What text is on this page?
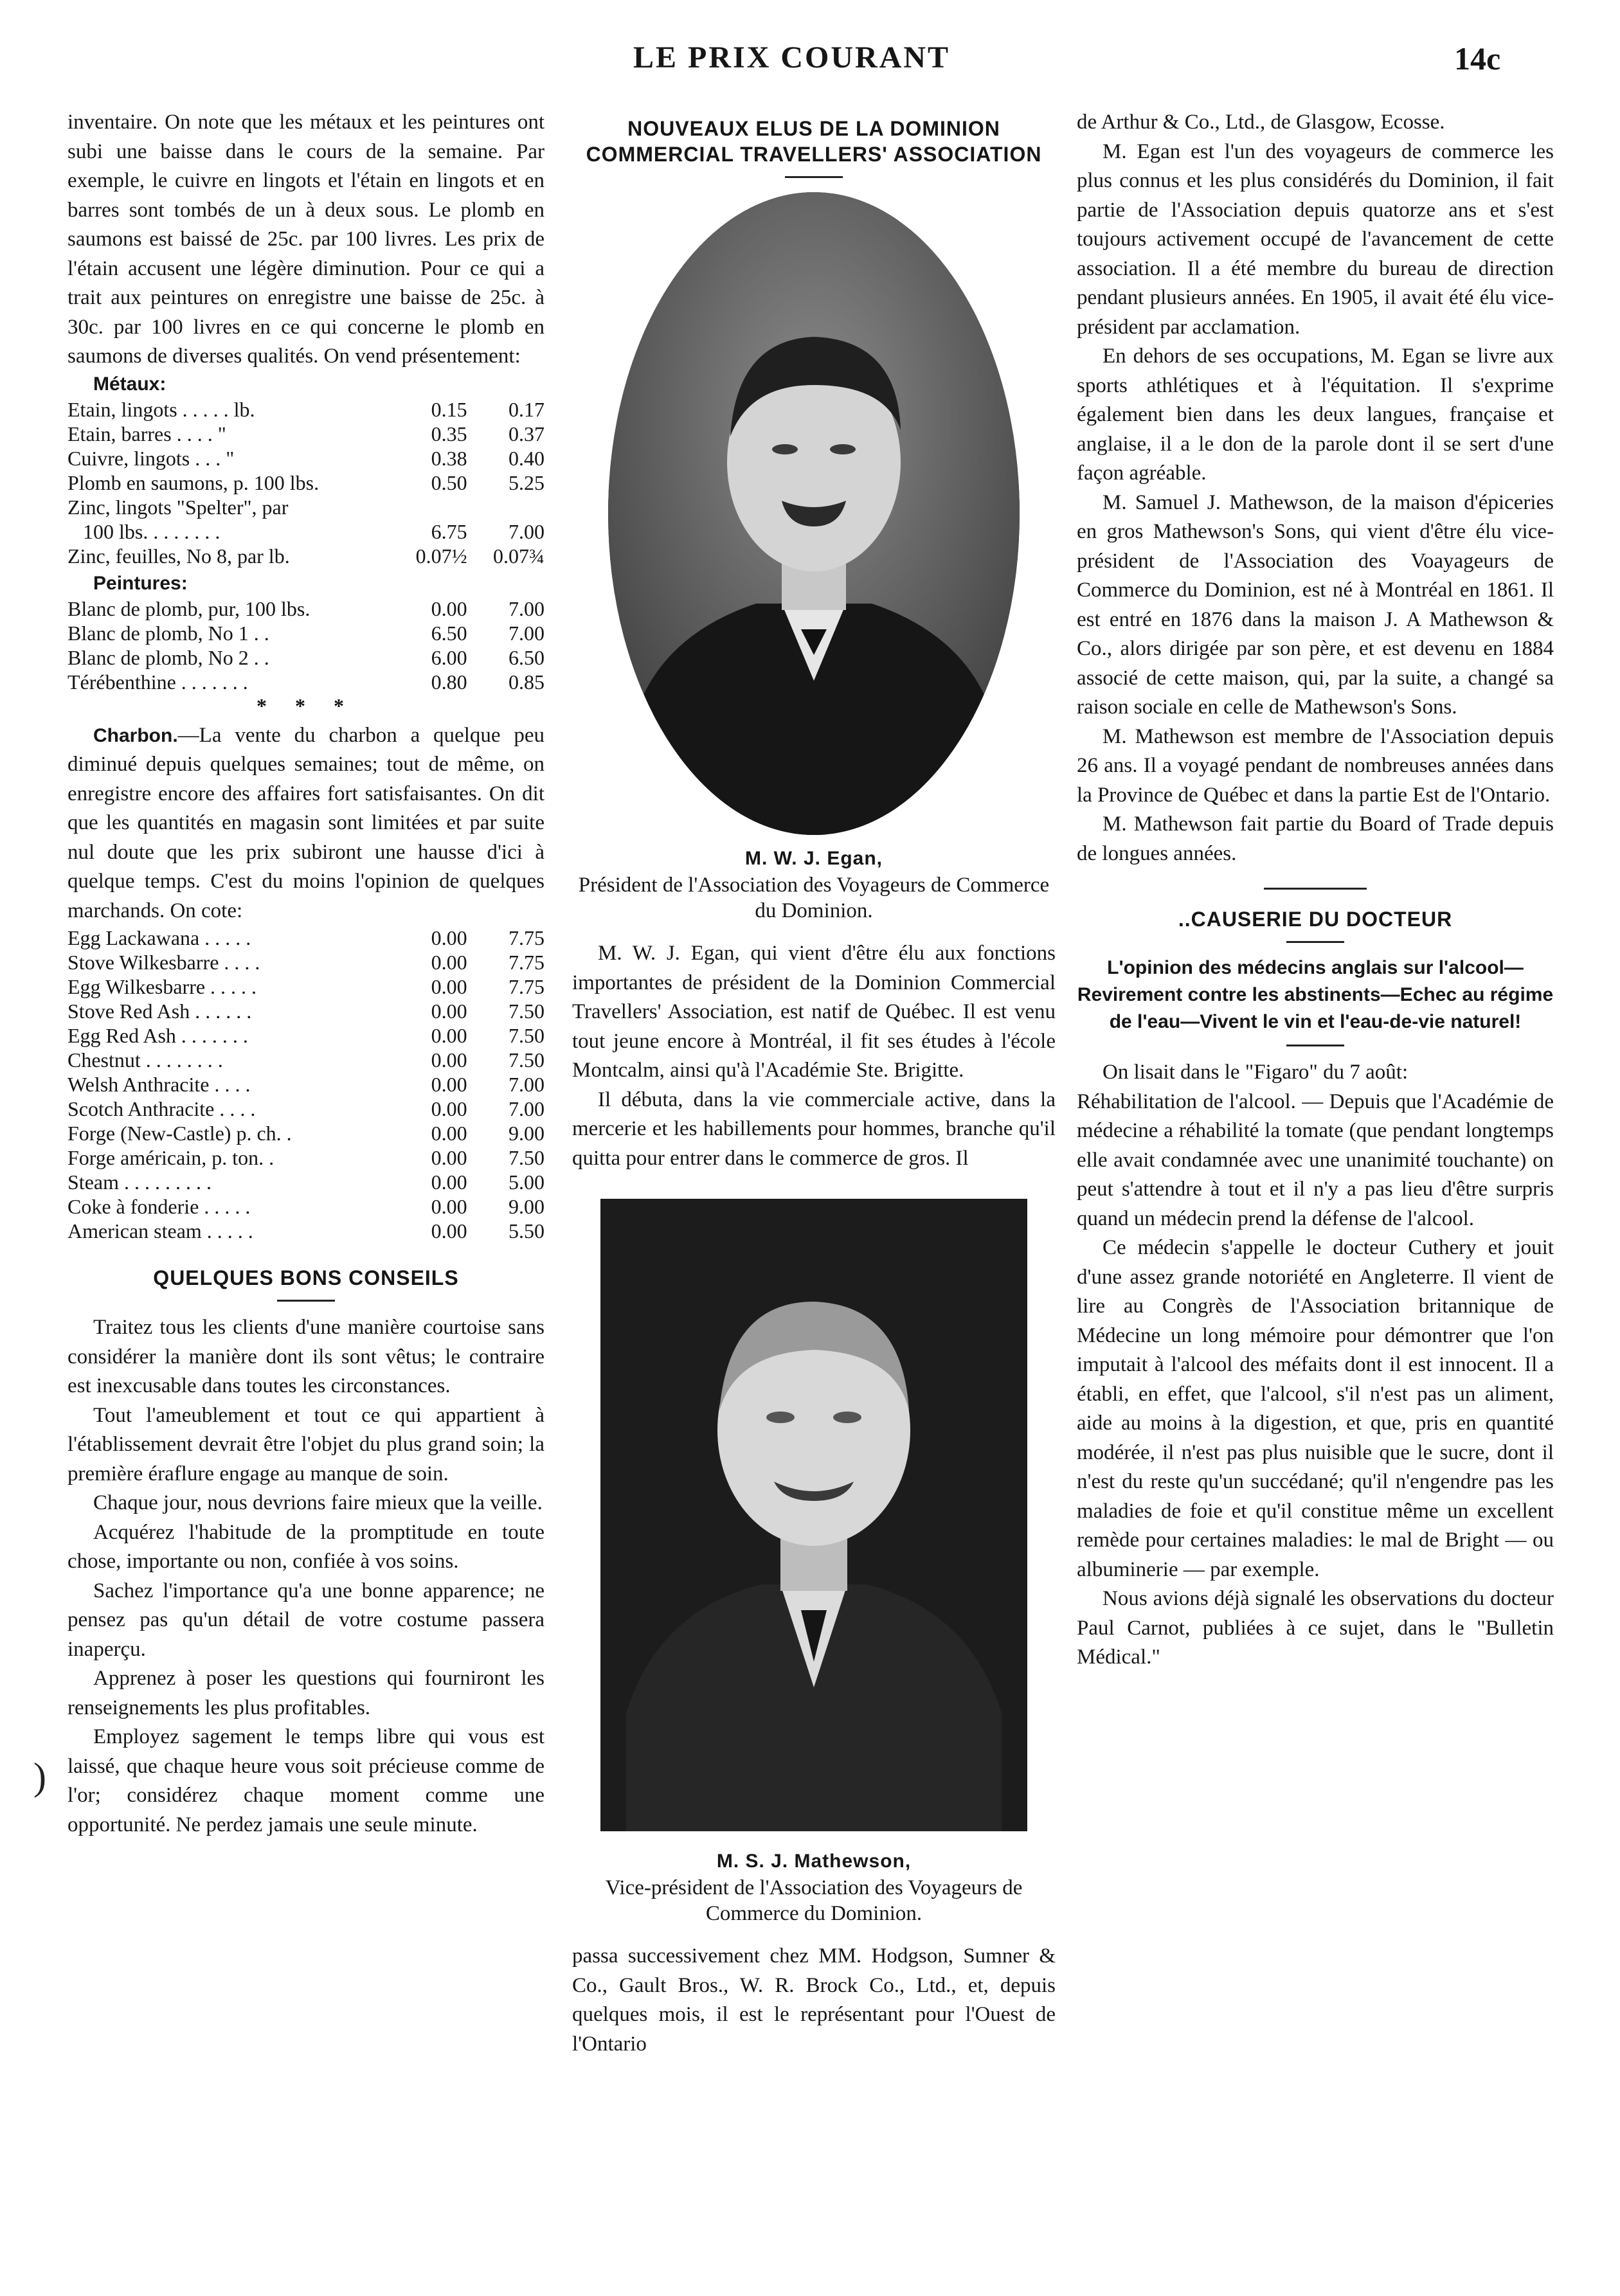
LE PRIX COURANT	14c

inventaire. On note que les métaux et les peintures ont subi une baisse dans le cours de la semaine. Par exemple, le cuivre en lingots et l'étain en lingots et en barres sont tombés de un à deux sous. Le plomb en saumons est baissé de 25c. par 100 livres. Les prix de l'étain accusent une légère diminution. Pour ce qui a trait aux peintures on enregistre une baisse de 25c. à 30c. par 100 livres en ce qui concerne le plomb en saumons de diverses qualités. On vend présentement:

Métaux:
Etain, lingots . . . . . lb.	0.15	0.17
Etain, barres . . . . "	0.35	0.37
Cuivre, lingots . . . "	0.38	0.40
Plomb en saumons, p. 100 lbs.	0.50	5.25
Zinc, lingots "Spelter", par		
100 lbs. . . . . . . .	6.75	7.00
Zinc, feuilles, No 8, par lb.	0.07½	0.07¾
Peintures:
Blanc de plomb, pur, 100 lbs.	0.00	7.00
Blanc de plomb, No 1 . .	6.50	7.00
Blanc de plomb, No 2 . .	6.00	6.50
Térébenthine . . . . . . .	0.80	0.85
* * *

Charbon.—La vente du charbon a quelque peu diminué depuis quelques semaines; tout de même, on enregistre encore des affaires fort satisfaisantes. On dit que les quantités en magasin sont limitées et par suite nul doute que les prix subiront une hausse d'ici à quelque temps. C'est du moins l'opinion de quelques marchands. On cote:

Egg Lackawana . . . . .	0.00	7.75
Stove Wilkesbarre . . . .	0.00	7.75
Egg Wilkesbarre . . . . .	0.00	7.75
Stove Red Ash . . . . . .	0.00	7.50
Egg Red Ash . . . . . . .	0.00	7.50
Chestnut . . . . . . . .	0.00	7.50
Welsh Anthracite . . . .	0.00	7.00
Scotch Anthracite . . . .	0.00	7.00
Forge (New-Castle) p. ch. .	0.00	9.00
Forge américain, p. ton. .	0.00	7.50
Steam . . . . . . . . .	0.00	5.00
Coke à fonderie . . . . .	0.00	9.00
American steam . . . . .	0.00	5.50
QUELQUES BONS CONSEILS

Traitez tous les clients d'une manière courtoise sans considérer la manière dont ils sont vêtus; le contraire est inexcusable dans toutes les circonstances.

Tout l'ameublement et tout ce qui appartient à l'établissement devrait être l'objet du plus grand soin; la première éraflure engage au manque de soin.

Chaque jour, nous devrions faire mieux que la veille.

Acquérez l'habitude de la promptitude en toute chose, importante ou non, confiée à vos soins.

Sachez l'importance qu'a une bonne apparence; ne pensez pas qu'un détail de votre costume passera inaperçu.

Apprenez à poser les questions qui fourniront les renseignements les plus profitables.

Employez sagement le temps libre qui vous est laissé, que chaque heure vous soit précieuse comme de l'or; considérez chaque moment comme une opportunité. Ne perdez jamais une seule minute.

NOUVEAUX ELUS DE LA DOMINION COMMERCIAL TRAVELLERS' ASSOCIATION
M. W. J. Egan,
Président de l'Association des Voyageurs de Commerce du Dominion.

M. W. J. Egan, qui vient d'être élu aux fonctions importantes de président de la Dominion Commercial Travellers' Association, est natif de Québec. Il est venu tout jeune encore à Montréal, il fit ses études à l'école Montcalm, ainsi qu'à l'Académie Ste. Brigitte.

Il débuta, dans la vie commerciale active, dans la mercerie et les habillements pour hommes, branche qu'il quitta pour entrer dans le commerce de gros. Il

M. S. J. Mathewson,
Vice-président de l'Association des Voyageurs de Commerce du Dominion.

passa successivement chez MM. Hodgson, Sumner & Co., Gault Bros., W. R. Brock Co., Ltd., et, depuis quelques mois, il est le représentant pour l'Ouest de l'Ontario

de Arthur & Co., Ltd., de Glasgow, Ecosse.

M. Egan est l'un des voyageurs de commerce les plus connus et les plus considérés du Dominion, il fait partie de l'Association depuis quatorze ans et s'est toujours activement occupé de l'avancement de cette association. Il a été membre du bureau de direction pendant plusieurs années. En 1905, il avait été élu vice-président par acclamation.

En dehors de ses occupations, M. Egan se livre aux sports athlétiques et à l'équitation. Il s'exprime également bien dans les deux langues, française et anglaise, il a le don de la parole dont il se sert d'une façon agréable.

M. Samuel J. Mathewson, de la maison d'épiceries en gros Mathewson's Sons, qui vient d'être élu vice-président de l'Association des Voayageurs de Commerce du Dominion, est né à Montréal en 1861. Il est entré en 1876 dans la maison J. A Mathewson & Co., alors dirigée par son père, et est devenu en 1884 associé de cette maison, qui, par la suite, a changé sa raison sociale en celle de Mathewson's Sons.

M. Mathewson est membre de l'Association depuis 26 ans. Il a voyagé pendant de nombreuses années dans la Province de Québec et dans la partie Est de l'Ontario.

M. Mathewson fait partie du Board of Trade depuis de longues années.

..CAUSERIE DU DOCTEUR
L'opinion des médecins anglais sur l'alcool—Revirement contre les abstinents—Echec au régime de l'eau—Vivent le vin et l'eau-de-vie naturel!

On lisait dans le "Figaro" du 7 août:

Réhabilitation de l'alcool. — Depuis que l'Académie de médecine a réhabilité la tomate (que pendant longtemps elle avait condamnée avec une unanimité touchante) on peut s'attendre à tout et il n'y a pas lieu d'être surpris quand un médecin prend la défense de l'alcool.

Ce médecin s'appelle le docteur Cuthery et jouit d'une assez grande notoriété en Angleterre. Il vient de lire au Congrès de l'Association britannique de Médecine un long mémoire pour démontrer que l'on imputait à l'alcool des méfaits dont il est innocent. Il a établi, en effet, que l'alcool, s'il n'est pas un aliment, aide au moins à la digestion, et que, pris en quantité modérée, il n'est pas plus nuisible que le sucre, dont il n'est du reste qu'un succédané; qu'il n'engendre pas les maladies de foie et qu'il constitue même un excellent remède pour certaines maladies: le mal de Bright — ou albuminerie — par exemple.

Nous avions déjà signalé les observations du docteur Paul Carnot, publiées à ce sujet, dans le "Bulletin Médical."

)
